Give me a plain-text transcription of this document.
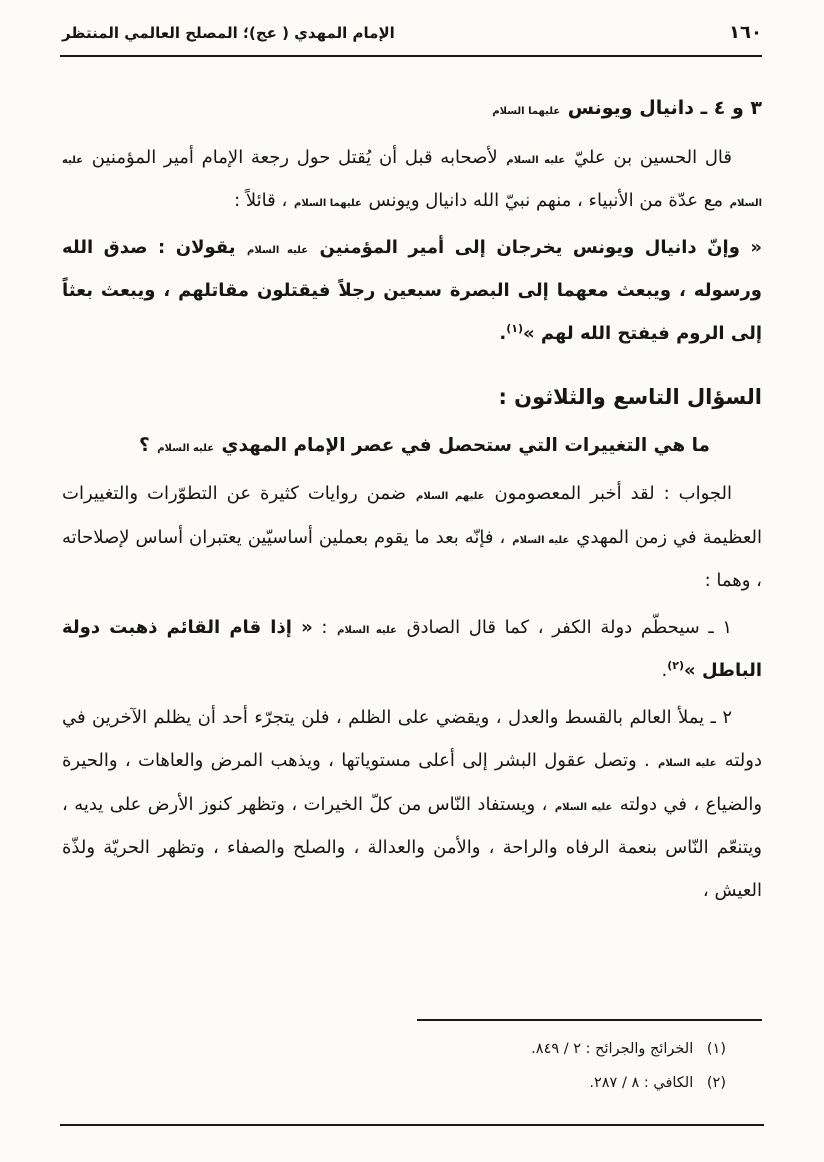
١٦٠
الإمام المهدي ( عج)؛ المصلح العالمي المنتظر
٣ و ٤ ـ دانيال ويونس عليهما السلام

قال الحسين بن عليّ عليه السلام لأصحابه قبل أن يُقتل حول رجعة الإمام أمير المؤمنين عليه السلام مع عدّة من الأنبياء ، منهم نبيّ الله دانيال ويونس عليهما السلام ، قائلاً :

« وإنّ دانيال ويونس يخرجان إلى أمير المؤمنين عليه السلام يقولان : صدق الله ورسوله ، ويبعث معهما إلى البصرة سبعين رجلاً فيقتلون مقاتلهم ، ويبعث بعثاً إلى الروم فيفتح الله لهم »$^{(١)}$.

السؤال التاسع والثلاثون :

ما هي التغييرات التي ستحصل في عصر الإمام المهدي عليه السلام ؟

الجواب : لقد أخبر المعصومون عليهم السلام ضمن روايات كثيرة عن التطوّرات والتغييرات العظيمة في زمن المهدي عليه السلام ، فإنّه بعد ما يقوم بعملين أساسيّين يعتبران أساس لإصلاحاته ، وهما :

١ ـ سيحطّم دولة الكفر ، كما قال الصادق عليه السلام : « إذا قام القائم ذهبت دولة الباطل »$^{(٢)}$.

٢ ـ يملأ العالم بالقسط والعدل ، ويقضي على الظلم ، فلن يتجرّء أحد أن يظلم الآخرين في دولته عليه السلام . وتصل عقول البشر إلى أعلى مستوياتها ، ويذهب المرض والعاهات ، والحيرة والضياع ، في دولته عليه السلام ، ويستفاد النّاس من كلّ الخيرات ، وتظهر كنوز الأرض على يديه ، ويتنعّم النّاس بنعمة الرفاه والراحة ، والأمن والعدالة ، والصلح والصفاء ، وتظهر الحريّة ولذّة العيش ،

(١) الخرائج والجرائح : ٢ / ٨٤٩.
(٢) الكافي : ٨ / ٢٨٧.
